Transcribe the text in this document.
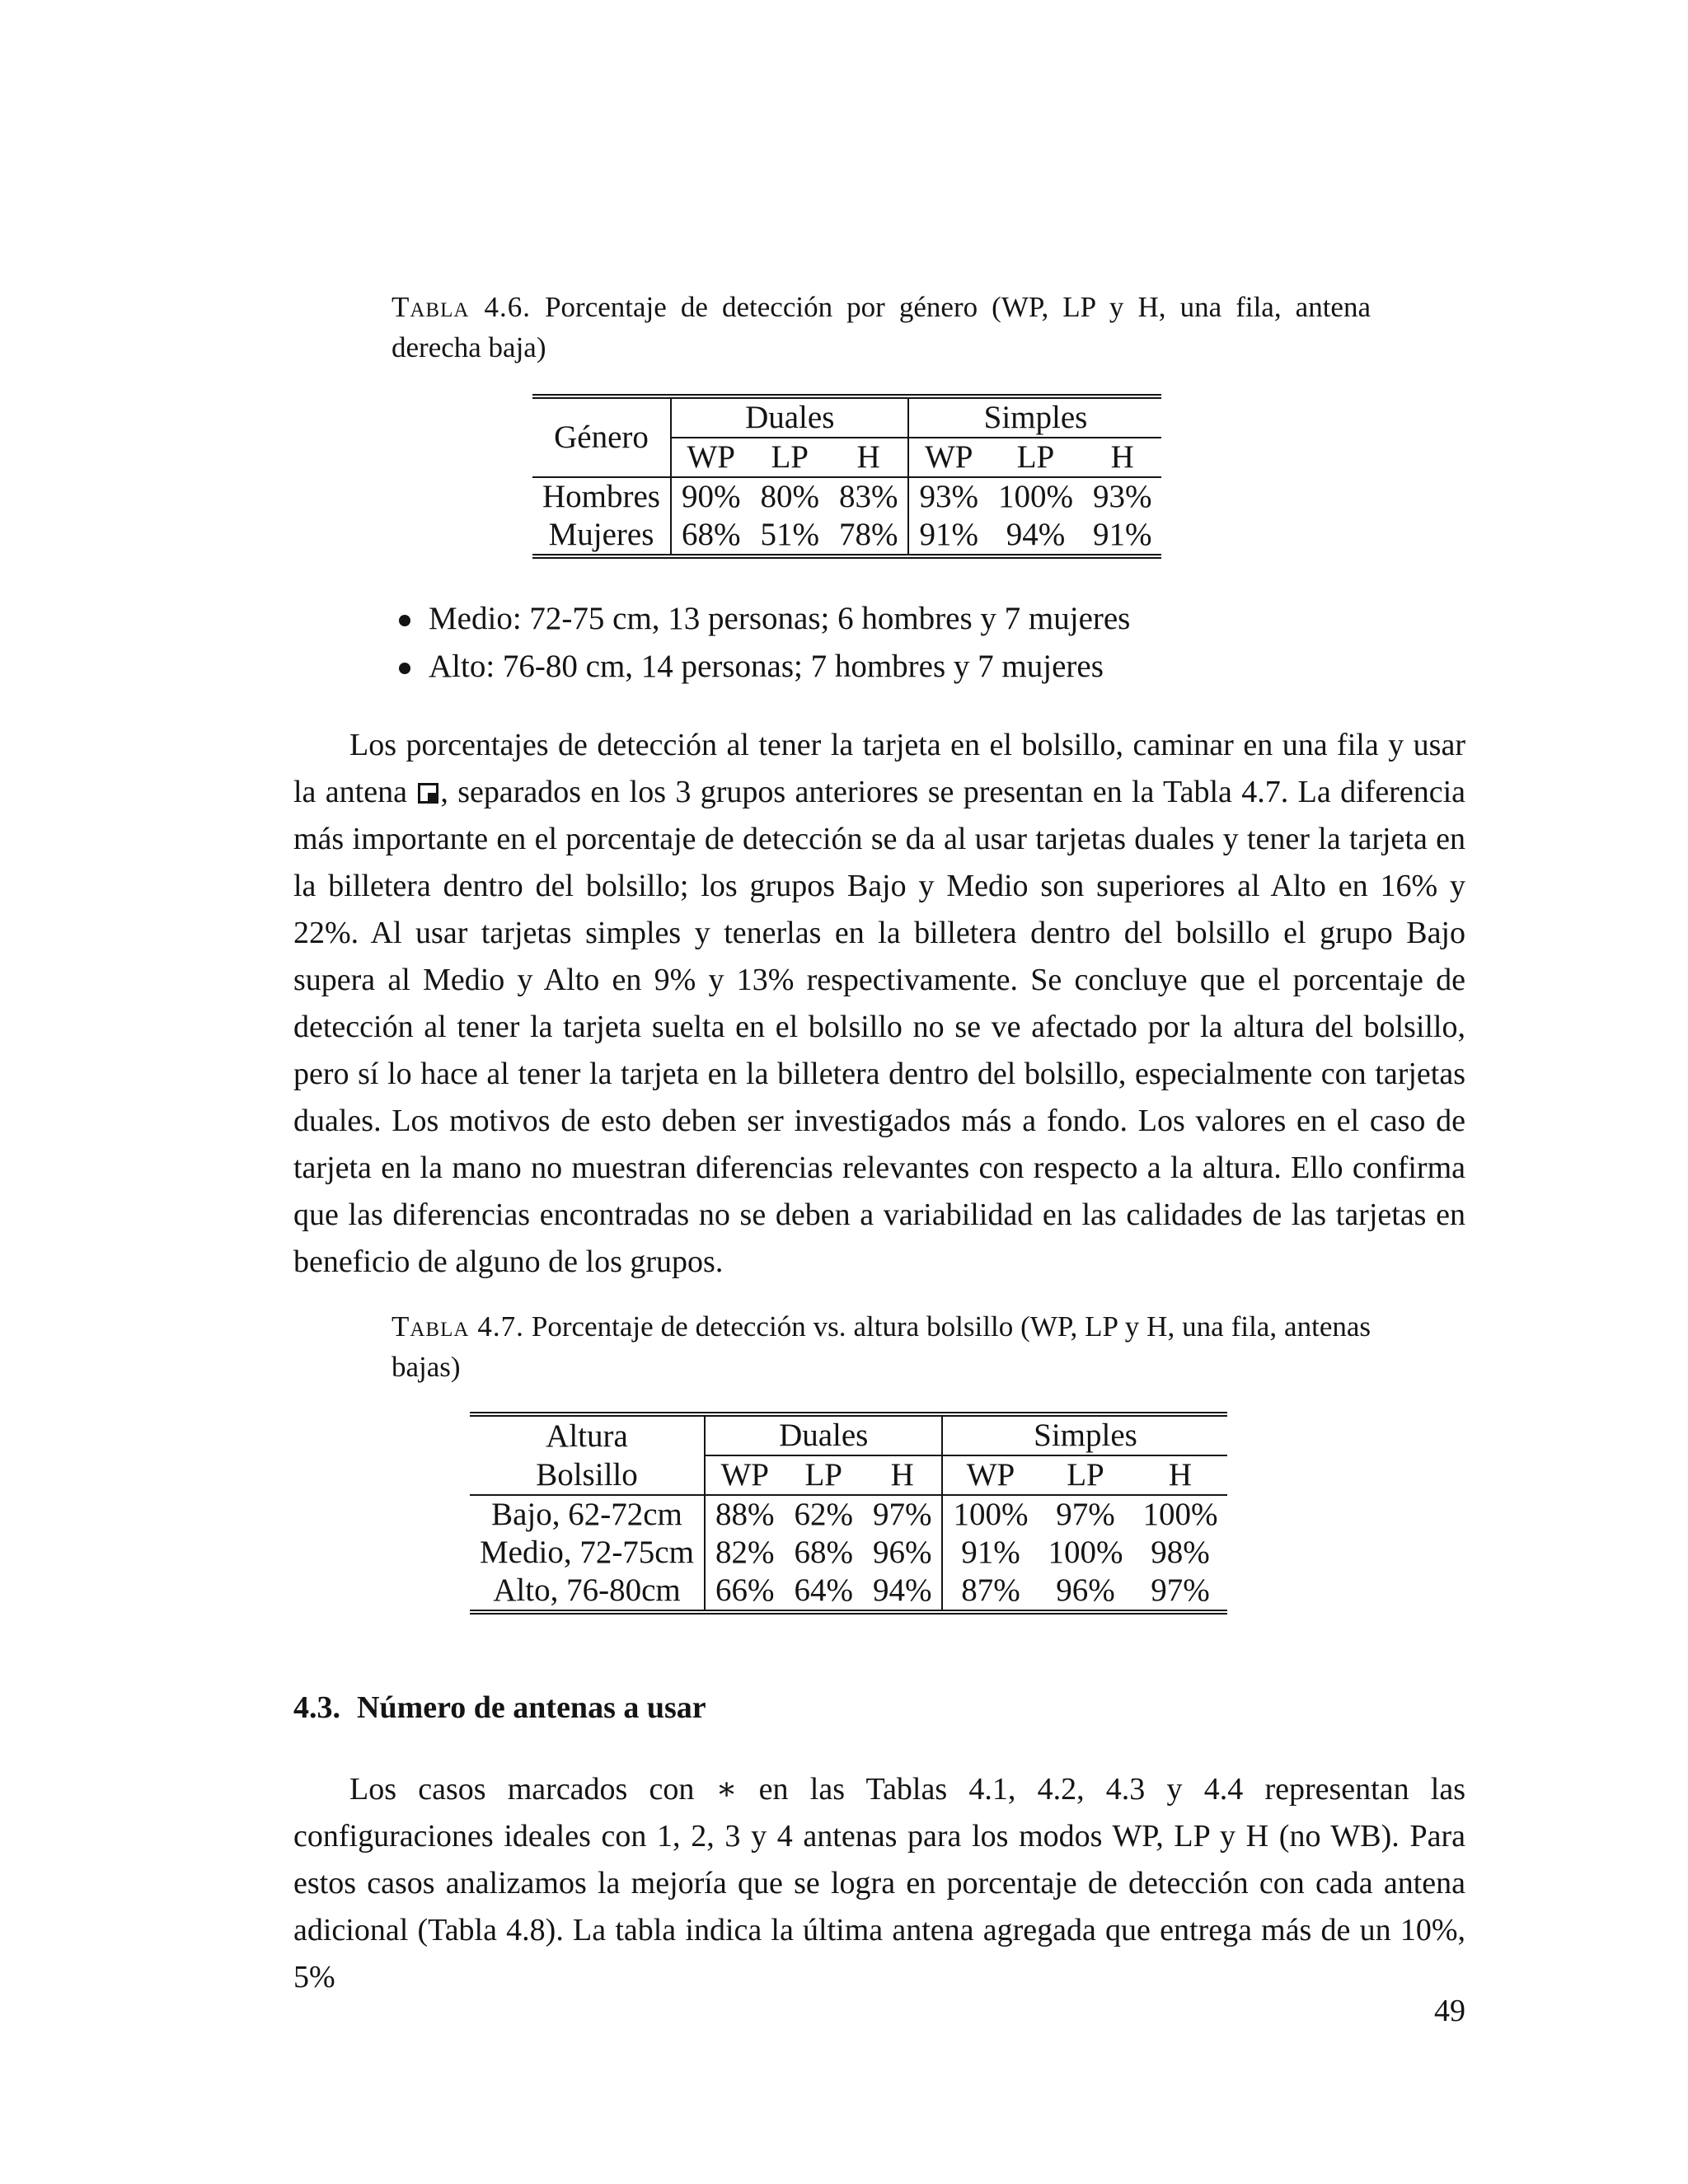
Tabla 4.6. Porcentaje de detección por género (WP, LP y H, una fila, antena derecha baja)
Género	Duales			Simples		
	WP	LP	H	WP	LP	H
Hombres	90%	80%	83%	93%	100%	93%
Mujeres	68%	51%	78%	91%	94%	91%
Medio: 72-75 cm, 13 personas; 6 hombres y 7 mujeres
Alto: 76-80 cm, 14 personas; 7 hombres y 7 mujeres

Los porcentajes de detección al tener la tarjeta en el bolsillo, caminar en una fila y usar la antena , separados en los 3 grupos anteriores se presentan en la Tabla 4.7. La diferencia más importante en el porcentaje de detección se da al usar tarjetas duales y tener la tarjeta en la billetera dentro del bolsillo; los grupos Bajo y Medio son superiores al Alto en 16% y 22%. Al usar tarjetas simples y tenerlas en la billetera dentro del bolsillo el grupo Bajo supera al Medio y Alto en 9% y 13% respectivamente. Se concluye que el porcentaje de detección al tener la tarjeta suelta en el bolsillo no se ve afectado por la altura del bolsillo, pero sí lo hace al tener la tarjeta en la billetera dentro del bolsillo, especialmente con tarjetas duales. Los motivos de esto deben ser investigados más a fondo. Los valores en el caso de tarjeta en la mano no muestran diferencias relevantes con respecto a la altura. Ello confirma que las diferencias encontradas no se deben a variabilidad en las calidades de las tarjetas en beneficio de alguno de los grupos.

Tabla 4.7. Porcentaje de detección vs. altura bolsillo (WP, LP y H, una fila, antenas bajas)
Altura	Duales			Simples		
Bolsillo	WP	LP	H	WP	LP	H
Bajo, 62-72cm	88%	62%	97%	100%	97%	100%
Medio, 72-75cm	82%	68%	96%	91%	100%	98%
Alto, 76-80cm	66%	64%	94%	87%	96%	97%
4.3. Número de antenas a usar

Los casos marcados con ∗ en las Tablas 4.1, 4.2, 4.3 y 4.4 representan las configuraciones ideales con 1, 2, 3 y 4 antenas para los modos WP, LP y H (no WB). Para estos casos analizamos la mejoría que se logra en porcentaje de detección con cada antena adicional (Tabla 4.8). La tabla indica la última antena agregada que entrega más de un 10%, 5%

49
